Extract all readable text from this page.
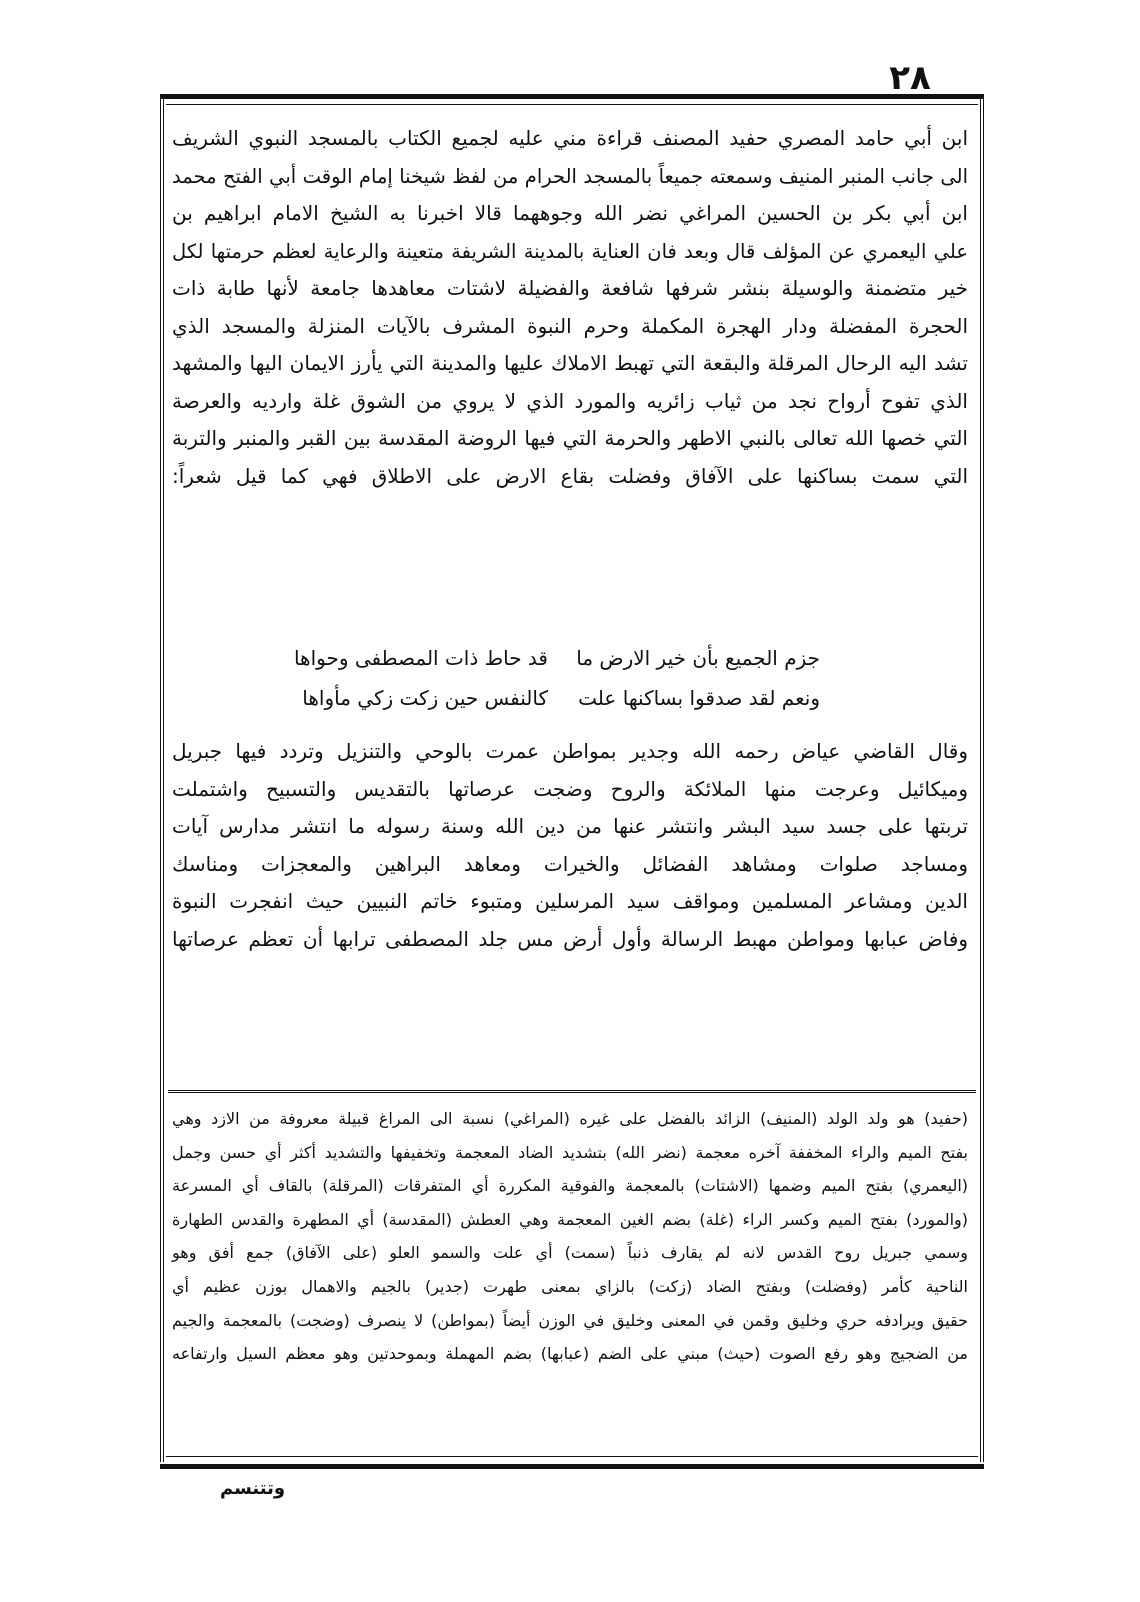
٢٨
ابن أبي حامد المصري حفيد المصنف قراءة مني عليه لجميع الكتاب بالمسجد النبوي الشريف
الى جانب المنبر المنيف وسمعته جميعاً بالمسجد الحرام من لفظ شيخنا إمام الوقت أبي الفتح محمد
ابن أبي بكر بن الحسين المراغي نضر الله وجوههما قالا اخبرنا به الشيخ الامام ابراهيم بن
علي اليعمري عن المؤلف قال وبعد فان العناية بالمدينة الشريفة متعينة والرعاية لعظم حرمتها لكل
خير متضمنة والوسيلة بنشر شرفها شافعة والفضيلة لاشتات معاهدها جامعة لأنها طابة ذات
الحجرة المفضلة ودار الهجرة المكملة وحرم النبوة المشرف بالآيات المنزلة والمسجد الذي
تشد اليه الرحال المرقلة والبقعة التي تهبط الاملاك عليها والمدينة التي يأرز الايمان اليها والمشهد
الذي تفوح أرواح نجد من ثياب زائريه والمورد الذي لا يروي من الشوق غلة وارديه والعرصة
التي خصها الله تعالى بالنبي الاطهر والحرمة التي فيها الروضة المقدسة بين القبر والمنبر والتربة
التي سمت بساكنها على الآفاق وفضلت بقاع الارض على الاطلاق فهي كما قيل شعراً:
جزم الجميع بأن خير الارض ما
قد حاط ذات المصطفى وحواها
ونعم لقد صدقوا بساكنها علت
كالنفس حين زكت زكي مأواها
وقال القاضي عياض رحمه الله وجدير بمواطن عمرت بالوحي والتنزيل وتردد فيها جبريل
وميكائيل وعرجت منها الملائكة والروح وضجت عرصاتها بالتقديس والتسبيح واشتملت
تربتها على جسد سيد البشر وانتشر عنها من دين الله وسنة رسوله ما انتشر مدارس آيات
ومساجد صلوات ومشاهد الفضائل والخيرات ومعاهد البراهين والمعجزات ومناسك
الدين ومشاعر المسلمين ومواقف سيد المرسلين ومتبوء خاتم النبيين حيث انفجرت النبوة
وفاض عبابها ومواطن مهبط الرسالة وأول أرض مس جلد المصطفى ترابها أن تعظم عرصاتها
(حفيد) هو ولد الولد (المنيف) الزائد بالفضل على غيره (المراغي) نسبة الى المراغ قبيلة معروفة من الازد وهي
بفتح الميم والراء المخففة آخره معجمة (نضر الله) بتشديد الضاد المعجمة وتخفيفها والتشديد أكثر أي حسن وجمل
(اليعمري) بفتح الميم وضمها (الاشتات) بالمعجمة والفوقية المكررة أي المتفرقات (المرقلة) بالقاف أي المسرعة
(والمورد) بفتح الميم وكسر الراء (غلة) بضم الغين المعجمة وهي العطش (المقدسة) أي المطهرة والقدس الطهارة
وسمي جبريل روح القدس لانه لم يقارف ذنباً (سمت) أي علت والسمو العلو (على الآفاق) جمع أفق وهو
الناحية كأمر (وفضلت) وبفتح الضاد (زكت) بالزاي بمعنى طهرت (جدير) بالجيم والاهمال بوزن عظيم أي
حقيق ويرادفه حري وخليق وقمن في المعنى وخليق في الوزن أيضاً (بمواطن) لا ينصرف (وضجت) بالمعجمة والجيم
من الضجيج وهو رفع الصوت (حيث) مبني على الضم (عبابها) بضم المهملة وبموحدتين وهو معظم السيل وارتفاعه
وتتنسم
